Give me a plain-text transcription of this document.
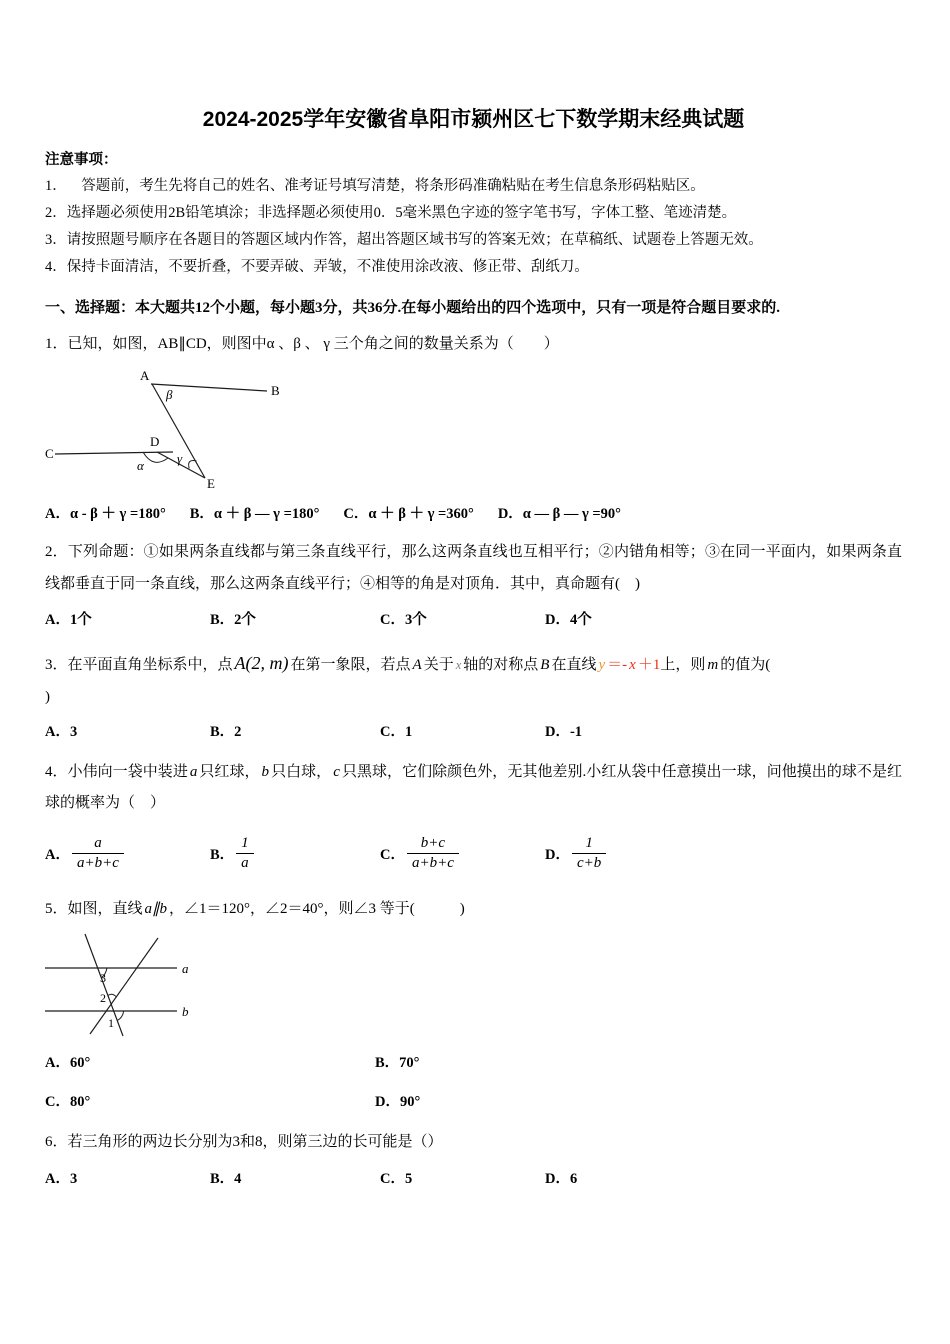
2024-2025学年安徽省阜阳市颍州区七下数学期末经典试题
注意事项：
1．    答题前，考生先将自己的姓名、准考证号填写清楚，将条形码准确粘贴在考生信息条形码粘贴区。
2．选择题必须使用2B铅笔填涂；非选择题必须使用0．5毫米黑色字迹的签字笔书写，字体工整、笔迹清楚。
3．请按照题号顺序在各题目的答题区域内作答，超出答题区域书写的答案无效；在草稿纸、试题卷上答题无效。
4．保持卡面清洁，不要折叠，不要弄破、弄皱，不准使用涂改液、修正带、刮纸刀。
一、选择题：本大题共12个小题，每小题3分，共36分.在每小题给出的四个选项中，只有一项是符合题目要求的.
1．已知，如图，AB∥CD，则图中α 、β 、 γ 三个角之间的数量关系为（　　）
A
B
C
D
E
β
α	γ
A．α - β ＋ γ =180° B．α ＋ β — γ =180° C．α ＋ β ＋ γ =360° D．α — β — γ =90°
2．下列命题：①如果两条直线都与第三条直线平行，那么这两条直线也互相平行；②内错角相等；③在同一平面内，如果两条直线都垂直于同一条直线，那么这两条直线平行；④相等的角是对顶角．其中，真命题有(　)
A．1个	B．2个	C．3个	D．4个
3．在平面直角坐标系中，点 A(2, m) 在第一象限，若点 A 关于 x 轴的对称点 B 在直线 y ＝- x ＋1上，则 m 的值为(
)
A．3	B．2	C．1	D．-1
4．小伟向一袋中装进 a 只红球， b 只白球， c 只黑球，它们除颜色外，无其他差别.小红从袋中任意摸出一球，问他摸出的球不是红球的概率为（　）
A． $\frac{a}{a+b+c}$	B． $\frac{1}{a}$	C． $\frac{b+c}{a+b+c}$	D． $\frac{1}{c+b}$
5．如图，直线 a∥b ，∠1＝120°，∠2＝40°，则∠3 等于(　　　)
a
b
3
2
1
A．60°	B．70°
C．80°	D．90°
6．若三角形的两边长分别为3和8，则第三边的长可能是（）
A．3	B．4	C．5	D．6
